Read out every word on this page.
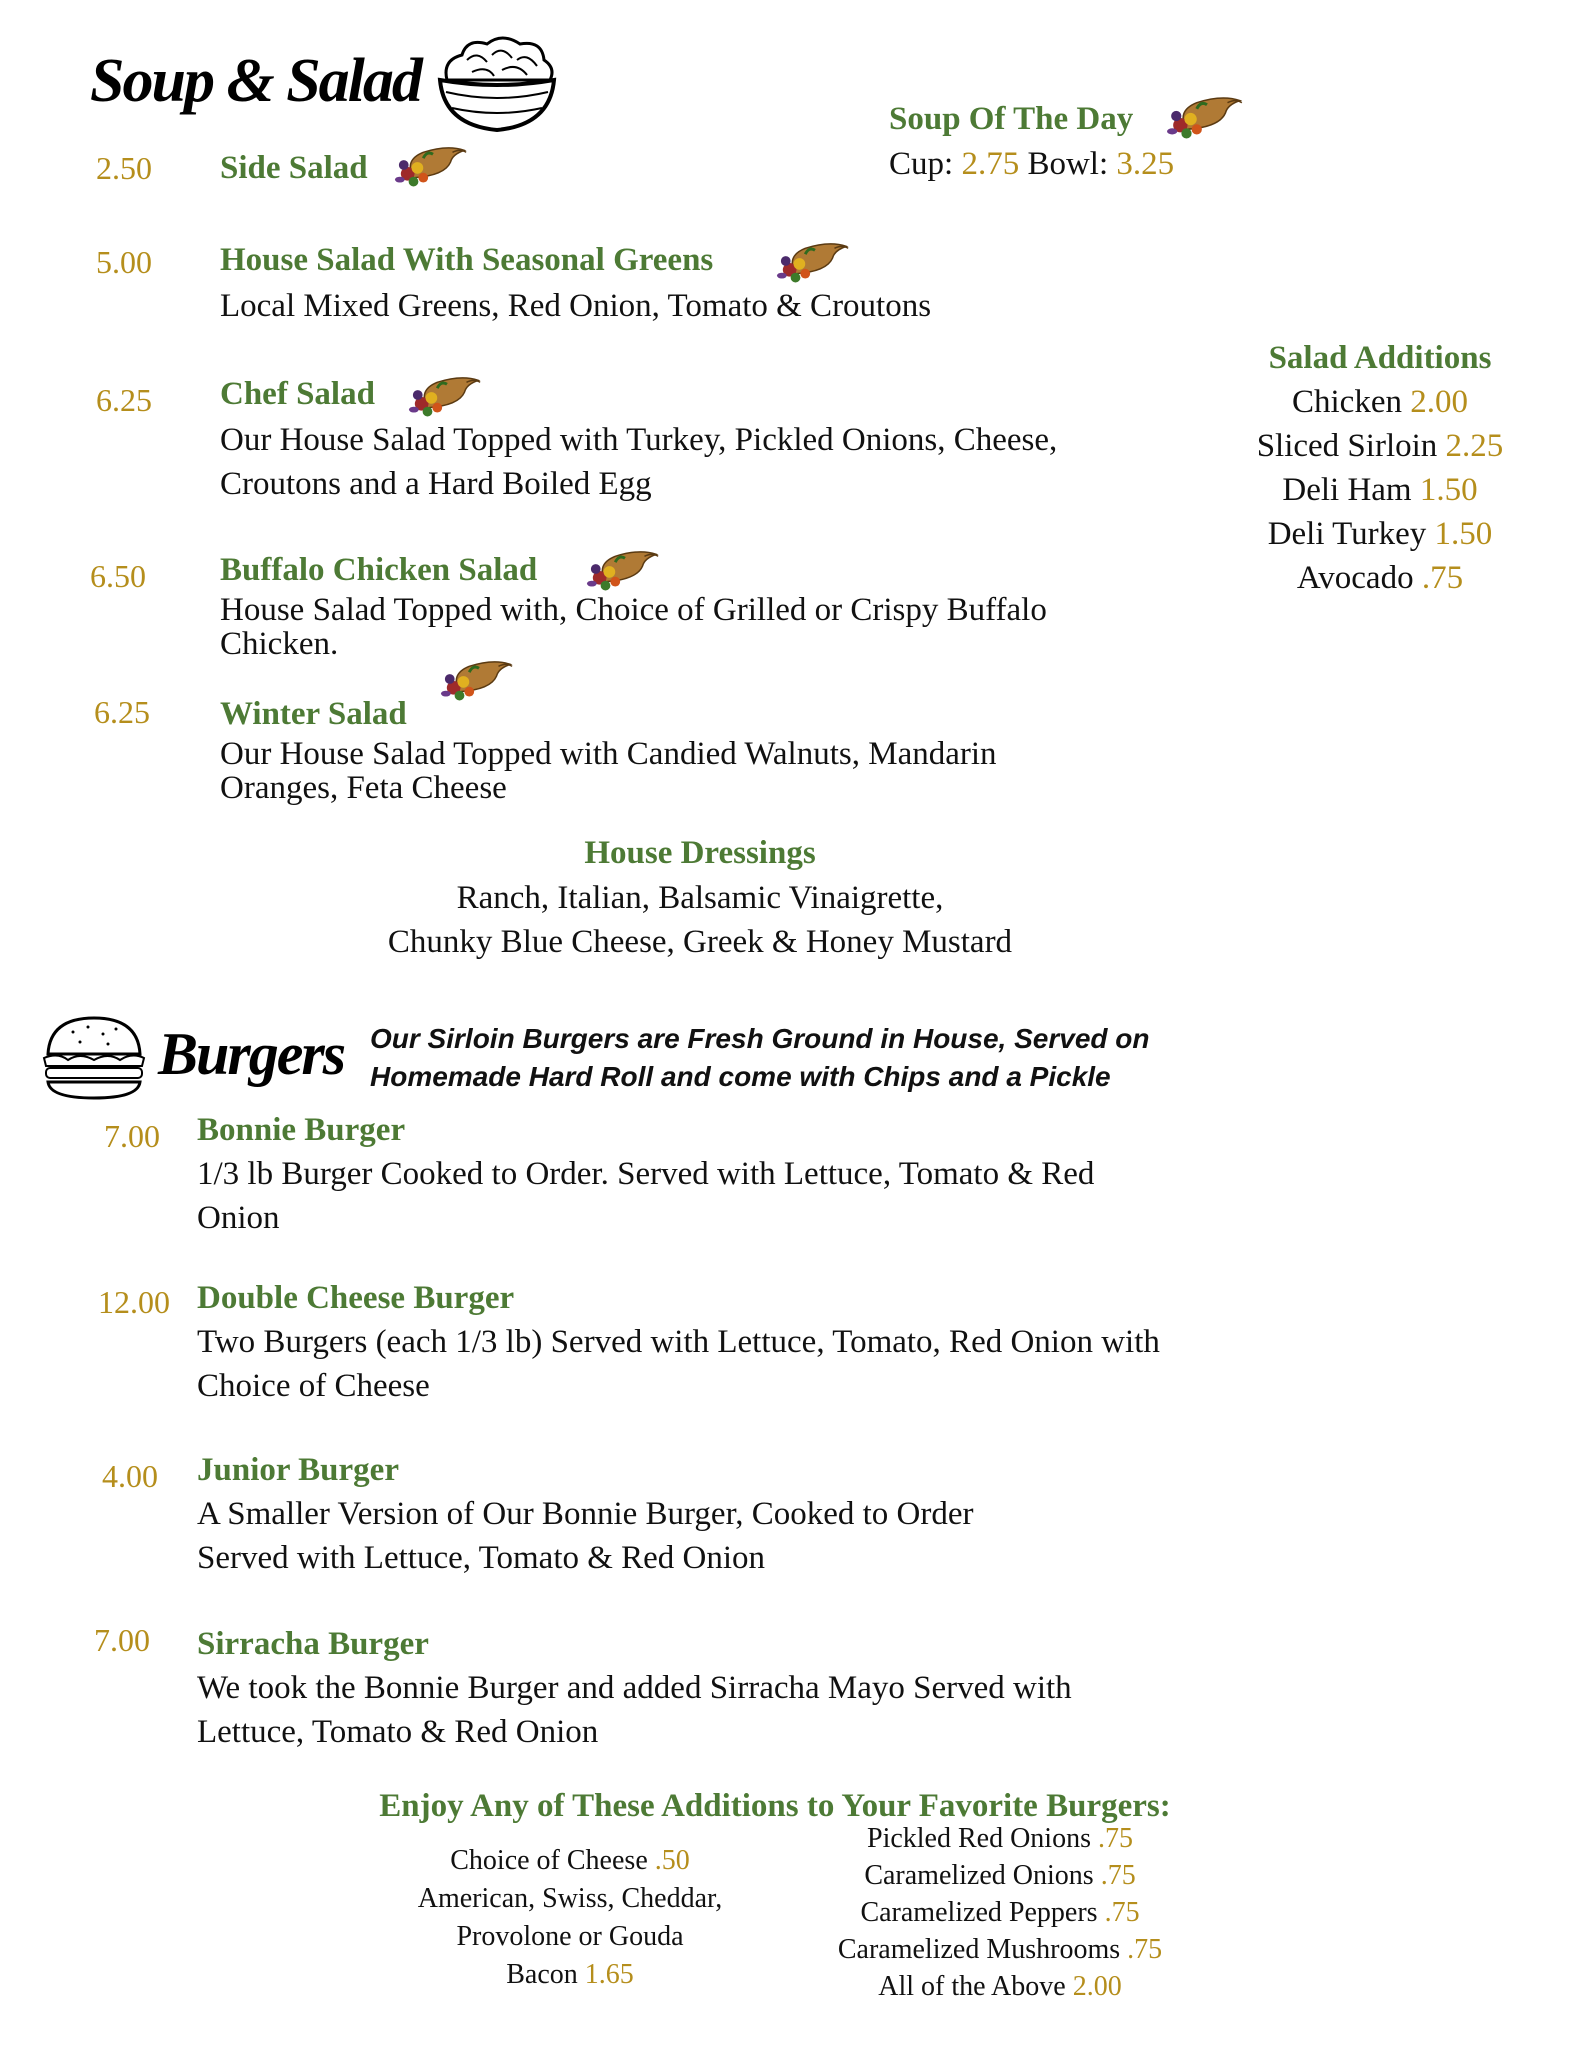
Soup & Salad
Soup Of The Day
Cup: 2.75 Bowl: 3.25
2.50 Side Salad
5.00 House Salad With Seasonal Greens
Local Mixed Greens, Red Onion, Tomato & Croutons
6.25 Chef Salad
Our House Salad Topped with Turkey, Pickled Onions, Cheese,
Croutons and a Hard Boiled Egg
6.50 Buffalo Chicken Salad
House Salad Topped with, Choice of Grilled or Crispy Buffalo
Chicken.
6.25 Winter Salad
Our House Salad Topped with Candied Walnuts, Mandarin
Oranges, Feta Cheese
Salad Additions
Chicken 2.00
Sliced Sirloin 2.25
Deli Ham 1.50
Deli Turkey 1.50
Avocado .75
House Dressings
Ranch, Italian, Balsamic Vinaigrette,
Chunky Blue Cheese, Greek & Honey Mustard
Burgers Our Sirloin Burgers are Fresh Ground in House, Served on
Homemade Hard Roll and come with Chips and a Pickle
7.00 Bonnie Burger
1/3 lb Burger Cooked to Order. Served with Lettuce, Tomato & Red
Onion
12.00 Double Cheese Burger
Two Burgers (each 1/3 lb) Served with Lettuce, Tomato, Red Onion with
Choice of Cheese
4.00 Junior Burger
A Smaller Version of Our Bonnie Burger, Cooked to Order
Served with Lettuce, Tomato & Red Onion
7.00 Sirracha Burger
We took the Bonnie Burger and added Sirracha Mayo Served with
Lettuce, Tomato & Red Onion
Enjoy Any of These Additions to Your Favorite Burgers:
Choice of Cheese .50
American, Swiss, Cheddar,
Provolone or Gouda
Bacon 1.65
Pickled Red Onions .75
Caramelized Onions .75
Caramelized Peppers .75
Caramelized Mushrooms .75
All of the Above 2.00
